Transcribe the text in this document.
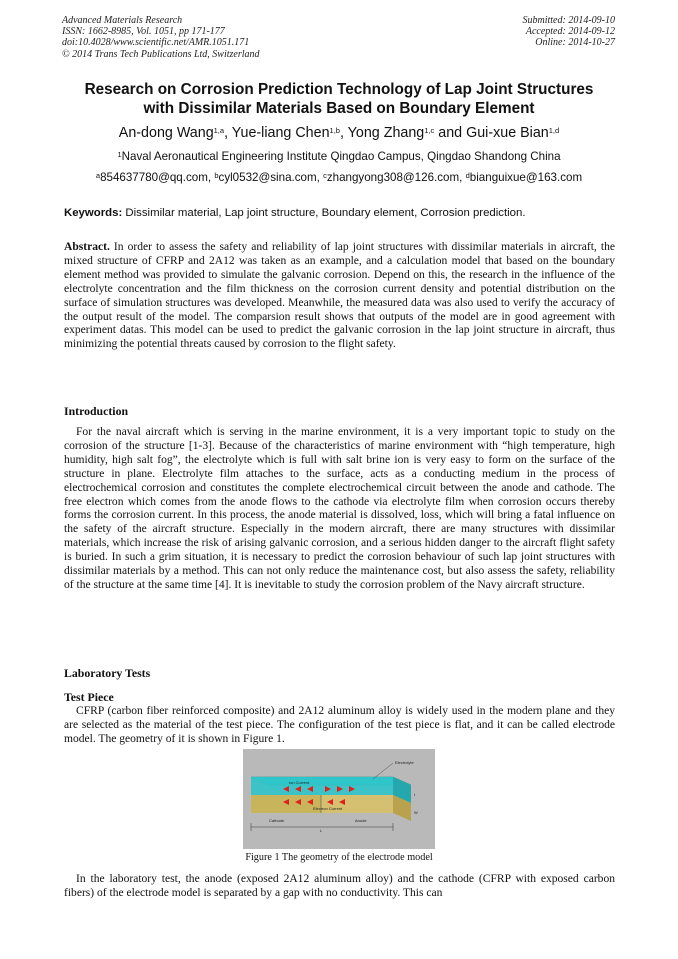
Advanced Materials Research
ISSN: 1662-8985, Vol. 1051, pp 171-177
doi:10.4028/www.scientific.net/AMR.1051.171
© 2014 Trans Tech Publications Ltd, Switzerland
Submitted: 2014-09-10
Accepted: 2014-09-12
Online: 2014-10-27
Research on Corrosion Prediction Technology of Lap Joint Structures
with Dissimilar Materials Based on Boundary Element
An-dong Wang$^{1,a}$, Yue-liang Chen$^{1,b}$, Yong Zhang$^{1,c}$ and Gui-xue Bian$^{1,d}$
$^1$Naval Aeronautical Engineering Institute Qingdao Campus, Qingdao Shandong China
$^a$854637780@qq.com, $^b$cyl0532@sina.com, $^c$zhangyong308@126.com, $^d$bianguixue@163.com
Keywords: Dissimilar material, Lap joint structure, Boundary element, Corrosion prediction.
Abstract. In order to assess the safety and reliability of lap joint structures with dissimilar materials in aircraft, the mixed structure of CFRP and 2A12 was taken as an example, and a calculation model that based on the boundary element method was provided to simulate the galvanic corrosion. Depend on this, the research in the influence of the electrolyte concentration and the film thickness on the corrosion current density and potential distribution on the surface of simulation structures was developed. Meanwhile, the measured data was also used to verify the accuracy of the output result of the model. The comparsion result shows that outputs of the model are in good agreement with experiment datas. This model can be used to predict the galvanic corrosion in the lap joint structure in aircraft, thus minimizing the potential threats caused by corrosion to the flight safety.
Introduction
For the naval aircraft which is serving in the marine environment, it is a very important topic to study on the corrosion of the structure [1-3]. Because of the characteristics of marine environment with “high temperature, high humidity, high salt fog”, the electrolyte which is full with salt brine ion is very easy to form on the surface of the structure in plane. Electrolyte film attaches to the surface, acts as a conducting medium in the process of electrochemical corrosion and constitutes the complete electrochemical circuit between the anode and cathode. The free electron which comes from the anode flows to the cathode via electrolyte film when corrosion occurs thereby forms the corrosion current. In this process, the anode material is dissolved, loss, which will bring a fatal influence on the safety of the aircraft structure. Especially in the modern aircraft, there are many structures with dissimilar materials, which increase the risk of arising galvanic corrosion, and a serious hidden danger to the aircraft flight safety is buried. In such a grim situation, it is necessary to predict the corrosion behaviour of such lap joint structures with dissimilar materials by a method. This can not only reduce the maintenance cost, but also assess the safety, reliability of the structure at the same time [4]. It is inevitable to study the corrosion problem of the Navy aircraft structure.
Laboratory Tests
Test Piece
CFRP (carbon fiber reinforced composite) and 2A12 aluminum alloy is widely used in the modern plane and they are selected as the material of the test piece. The configuration of the test piece is flat, and it can be called electrode model. The geometry of it is shown in Figure 1.
Electrolyte
Ion Current
Electron Current
Cathode	Anode
L
t
W
Figure 1 The geometry of the electrode model
In the laboratory test, the anode (exposed 2A12 aluminum alloy) and the cathode (CFRP with exposed carbon fibers) of the electrode model is separated by a gap with no conductivity. This can
